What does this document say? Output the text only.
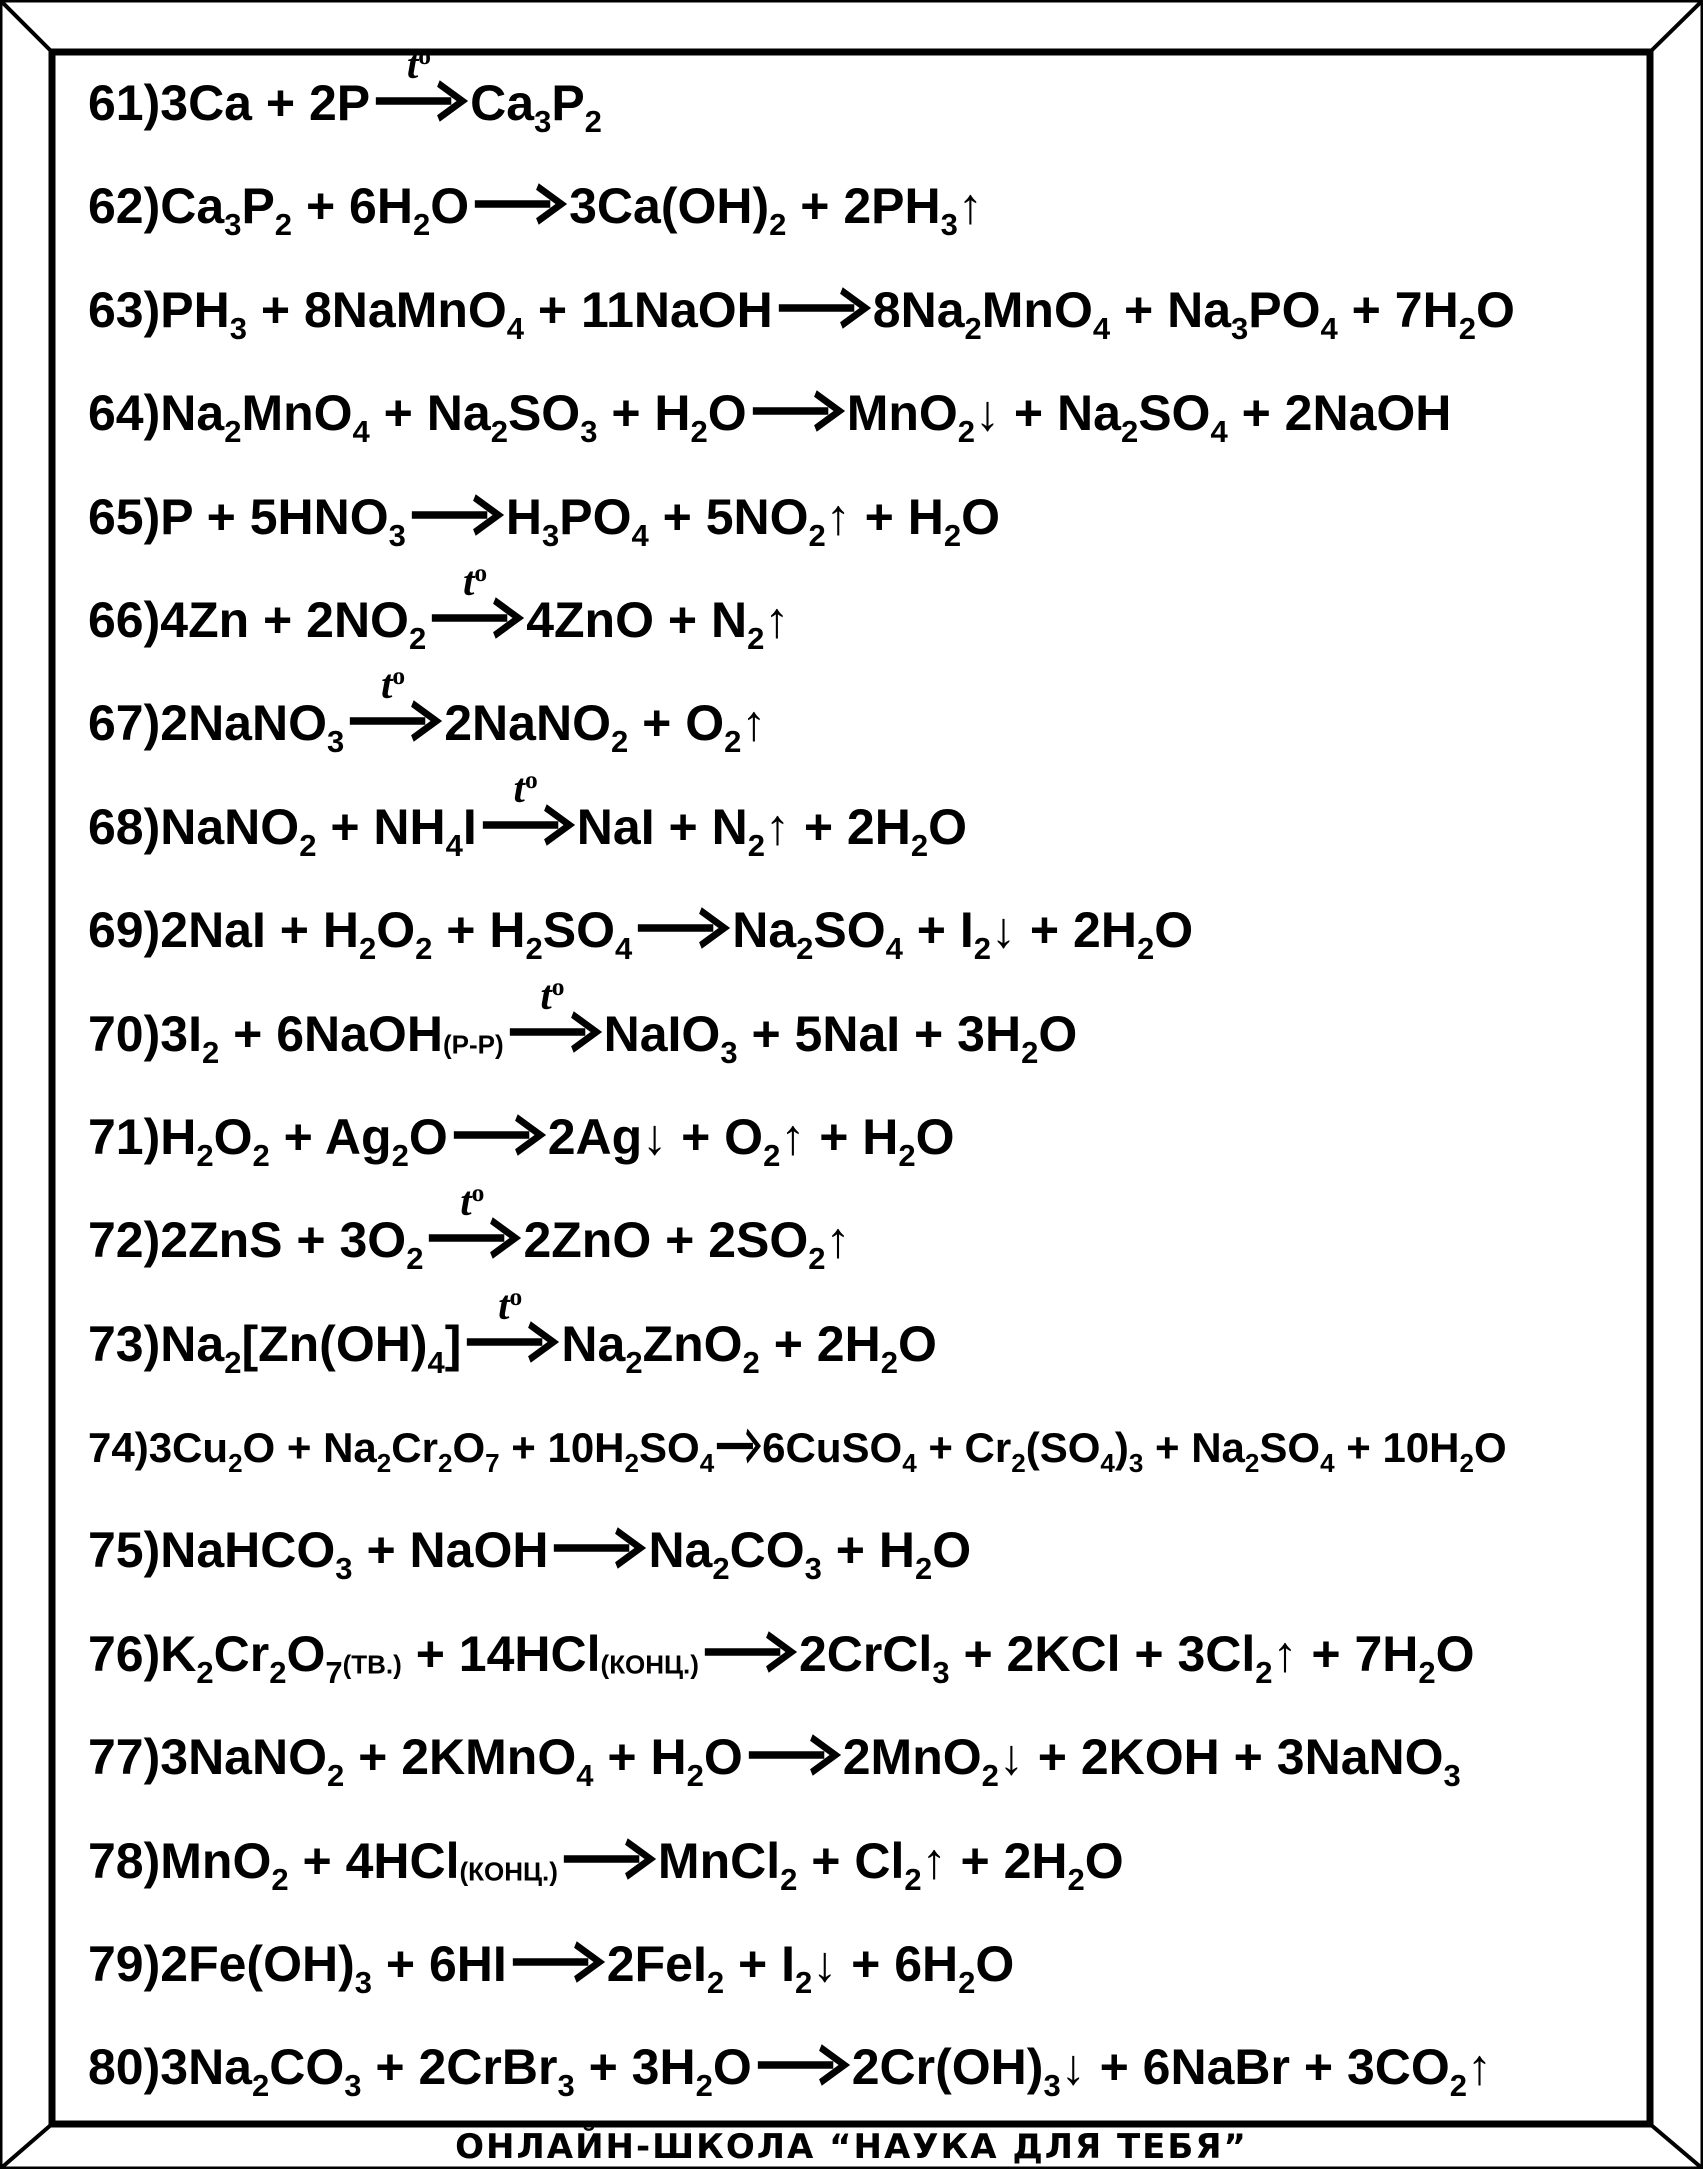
61)3Ca + 2P
$t^o$
$Ca_3P_2$
$62)Ca_3P_2 + 6H_2O \to 3Ca(OH)_2$ + $2PH_3↑$
$63)PH_3$ + 8NaMnO$_4$ + 11NaOH → $8Na_2MnO_4 + Na_3PO_4 + 7H_2O$
$64)Na_2MnO_4 + Na_2SO_3 + H_2O$ → MnO$_2$↓ + $Na_2SO_4$ + 2NaOH
$65)P + 5HNO_3 \to H_3PO_4$ + $5NO_2↑ + H_2O$
$66)4Zn + 2NO_2$
$t^o$
$4ZnO + N_2↑$
67)2NaNO$_3$
$t^o$
2NaNO$_2$ + $O_2↑$
68)NaNO$_2$ + $NH_4I$
$t^o$
NaI + $N_2↑ + 2H_2O$
$69)2NaI + H_2O_2 + H_2SO_4 \to Na_2SO_4$ + $I_2↓ + 2H_2O$
$70)3I_2$ + 6NaOH(Р-Р)
$t^o$
NaIO$_3$ + $5NaI + 3H_2O$
$71)H_2O_2 + Ag_2O$ → 2Ag↓ + $O_2↑ + H_2O$
$72)2ZnS + 3O_2$
$t^o$
$2ZnO + 2SO_2↑$
$73)Na_2[Zn(OH)_4]$
$t^o$
$Na_2ZnO_2 + 2H_2O$
$74)3Cu_2O + Na_2Cr_2O_7 + 10H_2SO_4$ → 6CuSO$_4$ + $Cr_2(SO_4)_3 + Na_2SO_4 + 10H_2O$
75)NaHCO$_3$ + NaOH → $Na_2CO_3 + H_2O$
$76)K_2Cr_2O_7(ТВ.)$ + 14HCl(КОНЦ.) → 2CrCl$_3$ + $2KCl + 3Cl_2↑ + 7H_2O$
77)3NaNO$_2$ + 2KMnO$_4$ + $H_2O$ → 2MnO$_2$↓ + 2KOH + 3NaNO$_3$
78)MnO$_2$ + 4HCl(КОНЦ.) → MnCl$_2$ + $Cl_2↑ + 2H_2O$
$79)2Fe(OH)_3 + 6HI \to 2FeI_2$ + $I_2↓ + 6H_2O$
$80)3Na_2CO_3$ + 2CrBr$_3$ + $3H_2O$ → $2Cr(OH)_3↓$ + 6NaBr + $3CO_2↑$
ОНЛАЙН-ШКОЛА “НАУКА ДЛЯ ТЕБЯ”
